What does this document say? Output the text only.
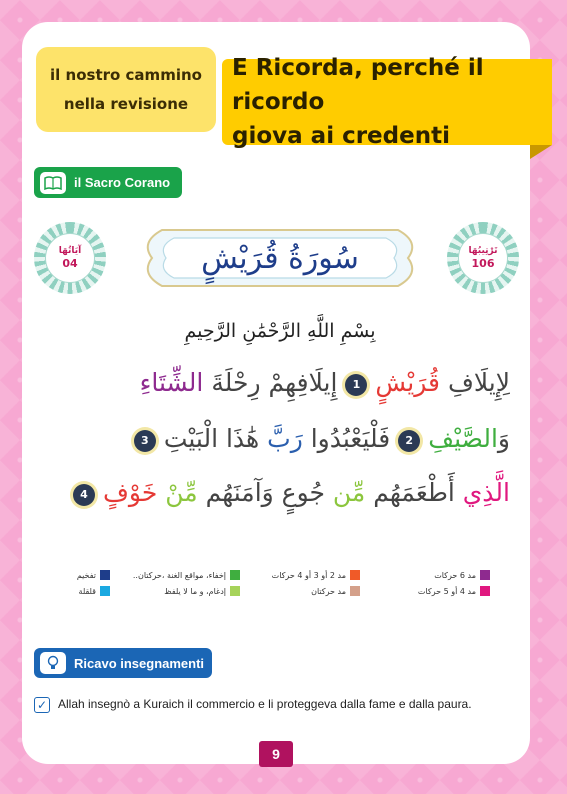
il nostro cammino
nella revisione
E Ricorda, perché il ricordo
giova ai credenti
il Sacro Corano
آيَاتُهَا
04	سُورَةُ قُرَيْشٍ	تَرْتِيبُهَا
106
بِسْمِ اللَّهِ الرَّحْمَٰنِ الرَّحِيمِ
لِإِيلَافِ قُرَيْشٍ1إِيلَافِهِمْ رِحْلَةَ الشِّتَاءِ
وَالصَّيْفِ2فَلْيَعْبُدُوا رَبَّ هَٰذَا الْبَيْتِ3
الَّذِي أَطْعَمَهُم مِّن جُوعٍ وَآمَنَهُم مِّنْ خَوْفٍ4
مد 6 حركات
مد 4 أو 5 حركات
مد 2 أو 3 أو 4 حركات
مد حركتان
إخفاء، مواقع الغنة ،حركتان..
إدغام، و ما لا يلفظ
تفخيم
قلقلة
Ricavo insegnamenti
✓ Allah insegnò a Kuraich il commercio e li proteggeva dalla fame e dalla paura.
9
